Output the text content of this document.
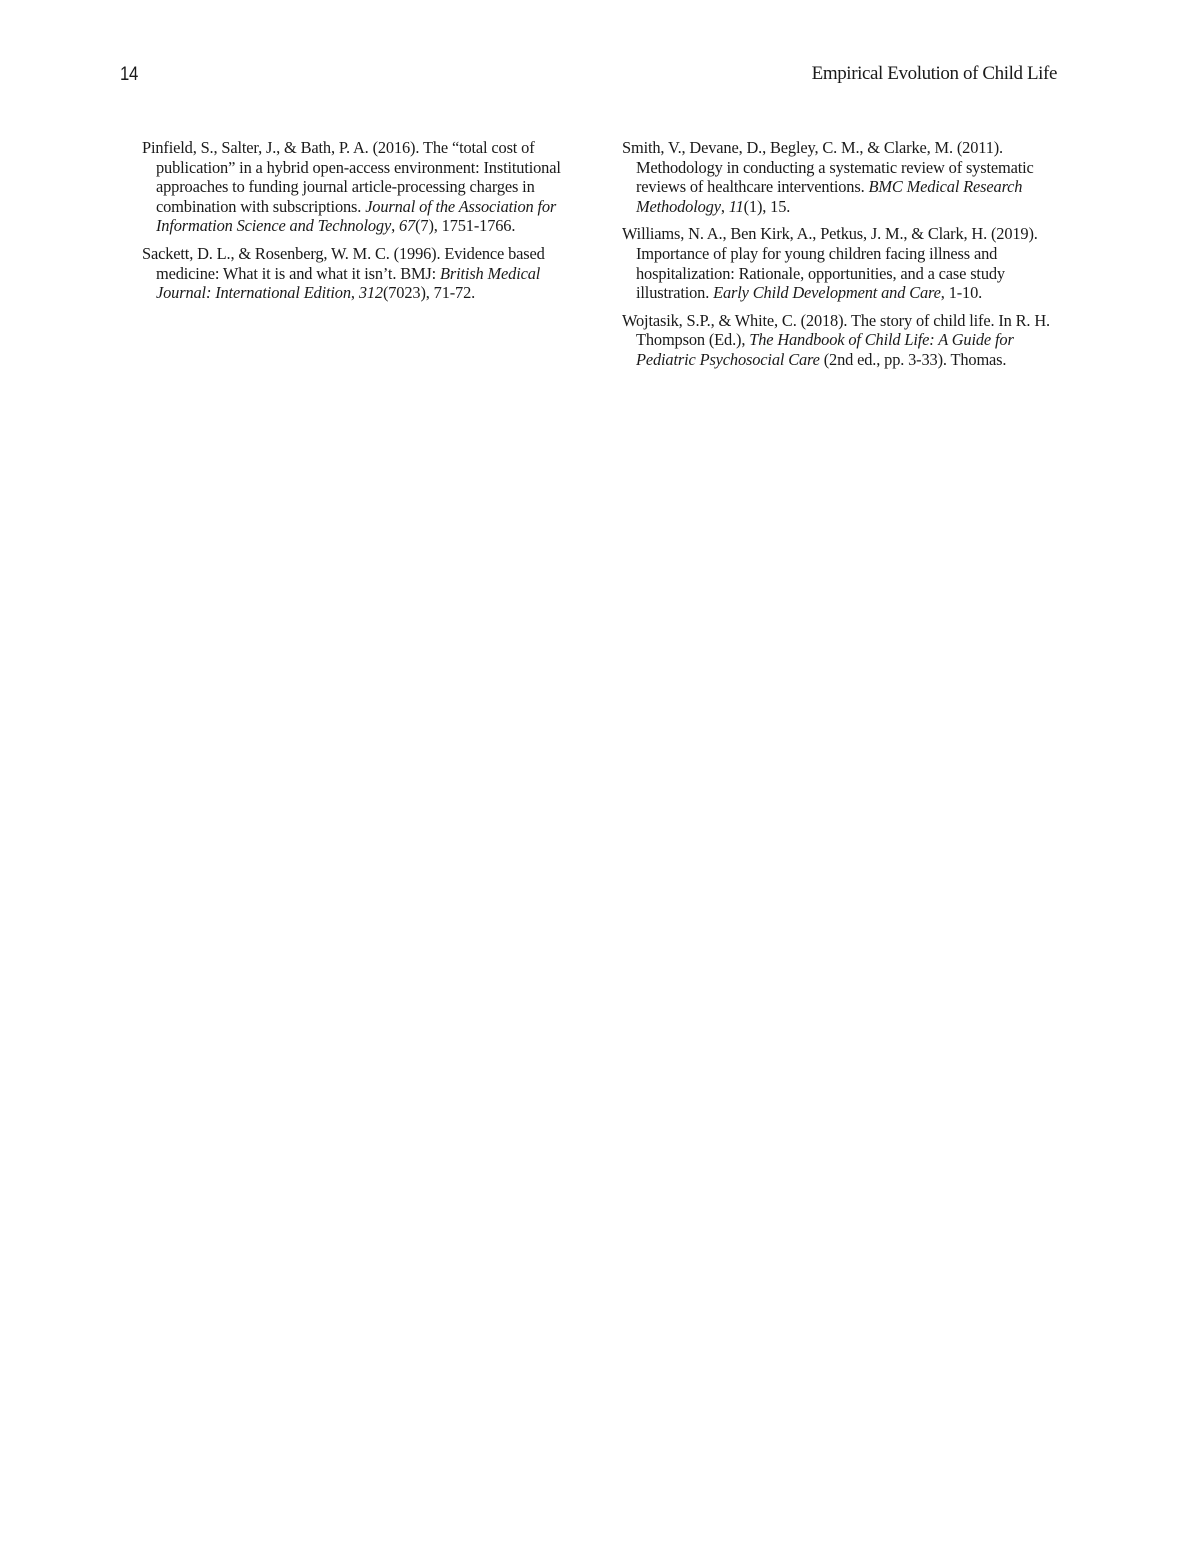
14	Empirical Evolution of Child Life

Pinfield, S., Salter, J., & Bath, P. A. (2016). The “total cost of publication” in a hybrid open-access environment: Institutional approaches to funding journal article-processing charges in combination with subscriptions. Journal of the Association for Information Science and Technology, 67(7), 1751-1766.

Sackett, D. L., & Rosenberg, W. M. C. (1996). Evidence based medicine: What it is and what it isn’t. BMJ: British Medical Journal: International Edition, 312(7023), 71-72.

Smith, V., Devane, D., Begley, C. M., & Clarke, M. (2011). Methodology in conducting a systematic review of systematic reviews of healthcare interventions. BMC Medical Research Methodology, 11(1), 15.

Williams, N. A., Ben Kirk, A., Petkus, J. M., & Clark, H. (2019). Importance of play for young children facing illness and hospitalization: Rationale, opportunities, and a case study illustration. Early Child Development and Care, 1-10.

Wojtasik, S.P., & White, C. (2018). The story of child life. In R. H. Thompson (Ed.), The Handbook of Child Life: A Guide for Pediatric Psychosocial Care (2nd ed., pp. 3-33). Thomas.
